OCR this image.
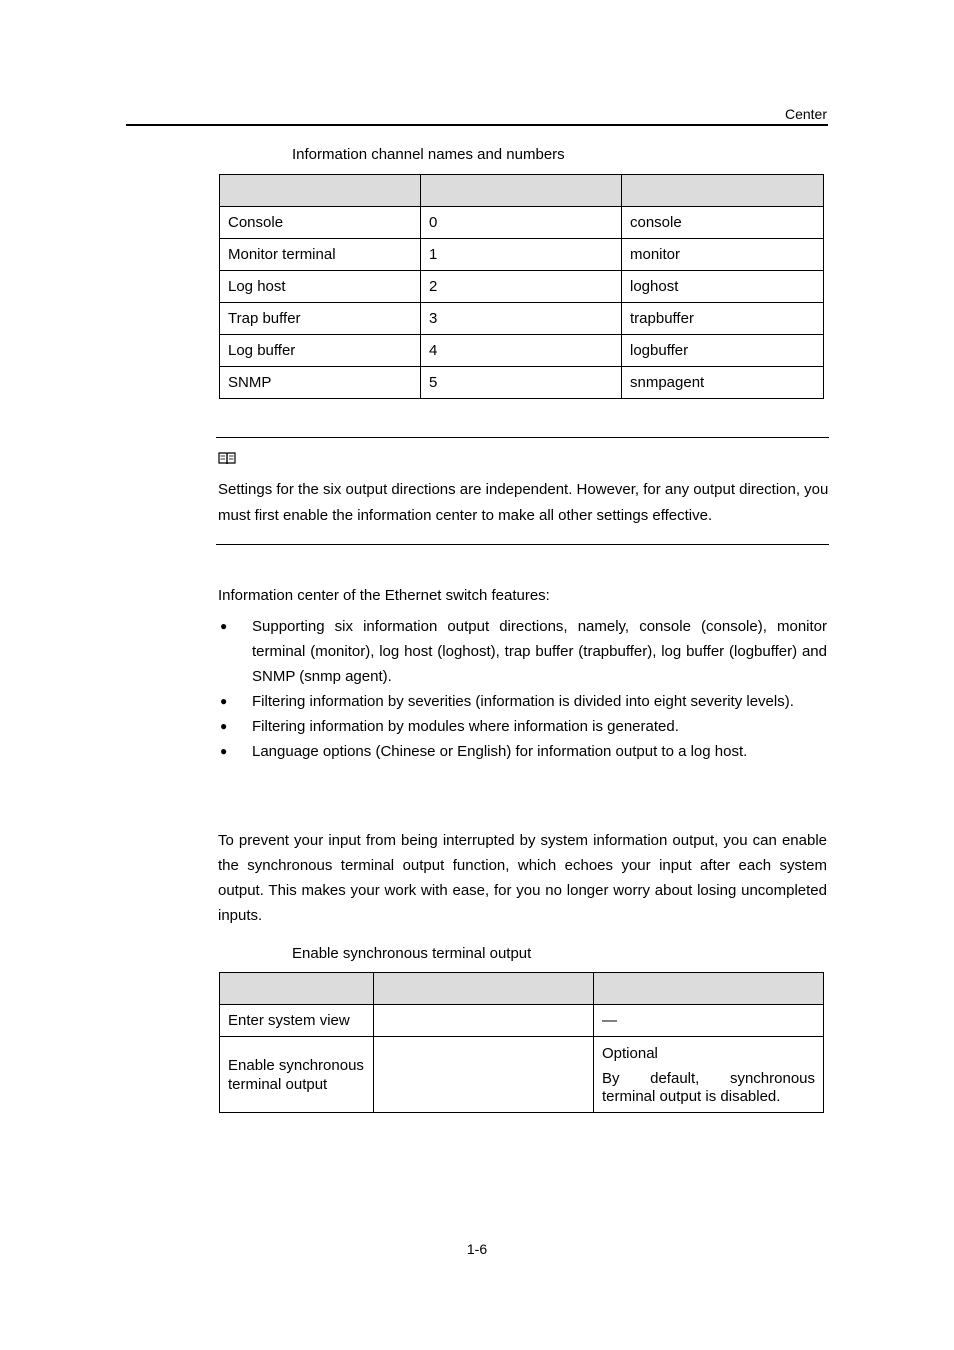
Center
Information channel names and numbers

Console	0	console
Monitor terminal	1	monitor
Log host	2	loghost
Trap buffer	3	trapbuffer
Log buffer	4	logbuffer
SNMP	5	snmpagent
Settings for the six output directions are independent. However, for any output direction, you must first enable the information center to make all other settings effective.
Information center of the Ethernet switch features:
● Supporting six information output directions, namely, console (console), monitor terminal (monitor), log host (loghost), trap buffer (trapbuffer), log buffer (logbuffer) and SNMP (snmp agent).
● Filtering information by severities (information is divided into eight severity levels).
● Filtering information by modules where information is generated.
● Language options (Chinese or English) for information output to a log host.
To prevent your input from being interrupted by system information output, you can enable the synchronous terminal output function, which echoes your input after each system output. This makes your work with ease, for you no longer worry about losing uncompleted inputs.
Enable synchronous terminal output

Enter system view		—
Enable synchronous terminal output		Optional
By default, synchronous terminal output is disabled.
1-6
